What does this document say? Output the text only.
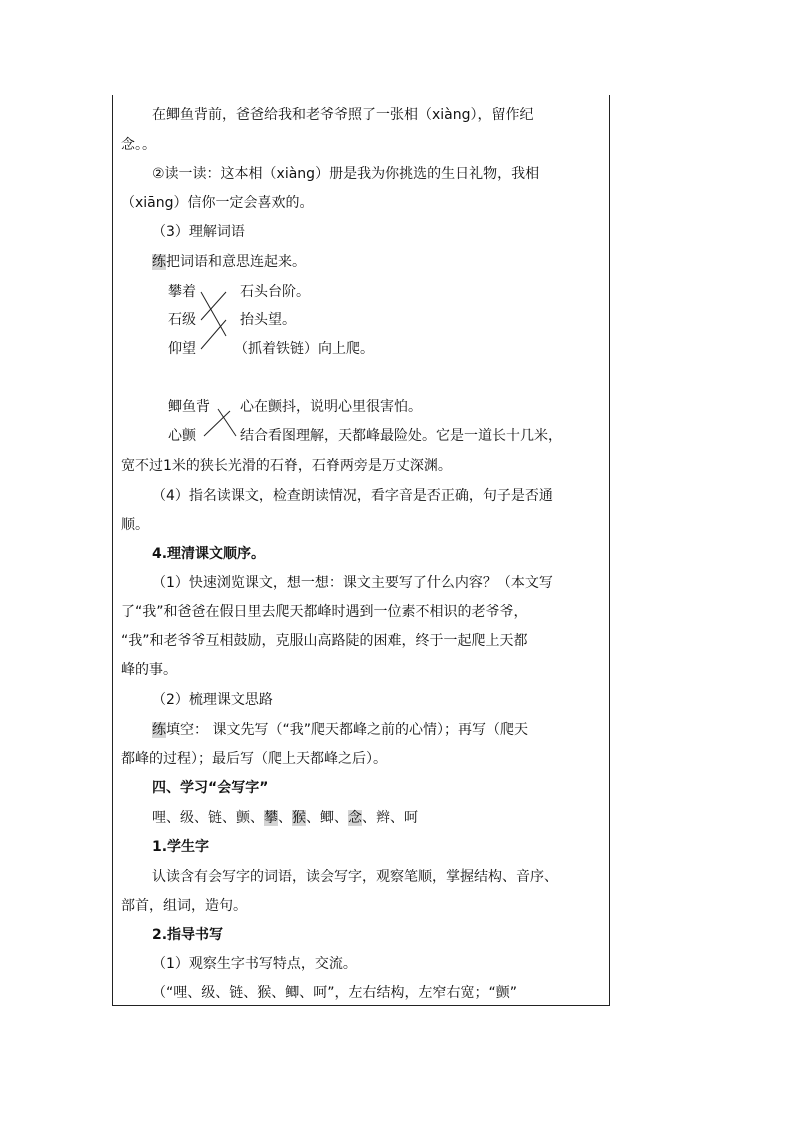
在鲫鱼背前，爸爸给我和老爷爷照了一张相（xiàng），留作纪
念。。
②读一读：这本相（xiàng）册是我为你挑选的生日礼物，我相
（xiāng）信你一定会喜欢的。
（3）理解词语
练把词语和意思连起来。
攀着	石头台阶。
石级	抬头望。
仰望	（抓着铁链）向上爬。
鲫鱼背 心在颤抖，说明心里很害怕。
心颤	结合看图理解，天都峰最险处。它是一道长十几米，
宽不过1米的狭长光滑的石脊，石脊两旁是万丈深渊。
（4）指名读课文，检查朗读情况，看字音是否正确，句子是否通
顺。
4.理清课文顺序。
（1）快速浏览课文，想一想：课文主要写了什么内容？（本文写
了“我”和爸爸在假日里去爬天都峰时遇到一位素不相识的老爷爷，
“我”和老爷爷互相鼓励，克服山高路陡的困难，终于一起爬上天都
峰的事。
（2）梳理课文思路
练填空： 课文先写（“我”爬天都峰之前的心情）；再写（爬天
都峰的过程）；最后写（爬上天都峰之后）。
四、学习“会写字”
哩、级、链、颤、攀、猴、鲫、念、辫、呵
1.学生字
认读含有会写字的词语，读会写字，观察笔顺，掌握结构、音序、
部首，组词，造句。
2.指导书写
（1）观察生字书写特点，交流。
（“哩、级、链、猴、鲫、呵”，左右结构，左窄右宽；“颤”
